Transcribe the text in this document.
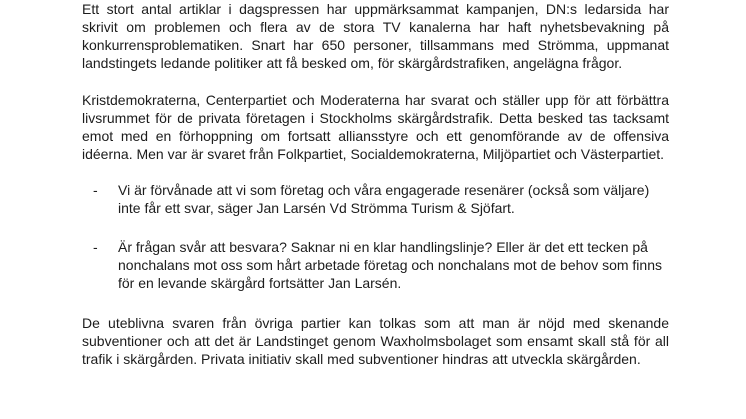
Ett stort antal artiklar i dagspressen har uppmärksammat kampanjen, DN:s ledarsida har skrivit om problemen och flera av de stora TV kanalerna har haft nyhetsbevakning på konkurrensproblematiken. Snart har 650 personer, tillsammans med Strömma, uppmanat landstingets ledande politiker att få besked om, för skärgårdstrafiken, angelägna frågor.

Kristdemokraterna, Centerpartiet och Moderaterna har svarat och ställer upp för att förbättra livsrummet för de privata företagen i Stockholms skärgårdstrafik. Detta besked tas tacksamt emot med en förhoppning om fortsatt alliansstyre och ett genomförande av de offensiva idéerna. Men var är svaret från Folkpartiet, Socialdemokraterna, Miljöpartiet och Västerpartiet.

- Vi är förvånade att vi som företag och våra engagerade resenärer (också som väljare) inte får ett svar, säger Jan Larsén Vd Strömma Turism & Sjöfart.
- Är frågan svår att besvara? Saknar ni en klar handlingslinje? Eller är det ett tecken på nonchalans mot oss som hårt arbetade företag och nonchalans mot de behov som finns för en levande skärgård fortsätter Jan Larsén.

De uteblivna svaren från övriga partier kan tolkas som att man är nöjd med skenande subventioner och att det är Landstinget genom Waxholmsbolaget som ensamt skall stå för all trafik i skärgården. Privata initiativ skall med subventioner hindras att utveckla skärgården.
